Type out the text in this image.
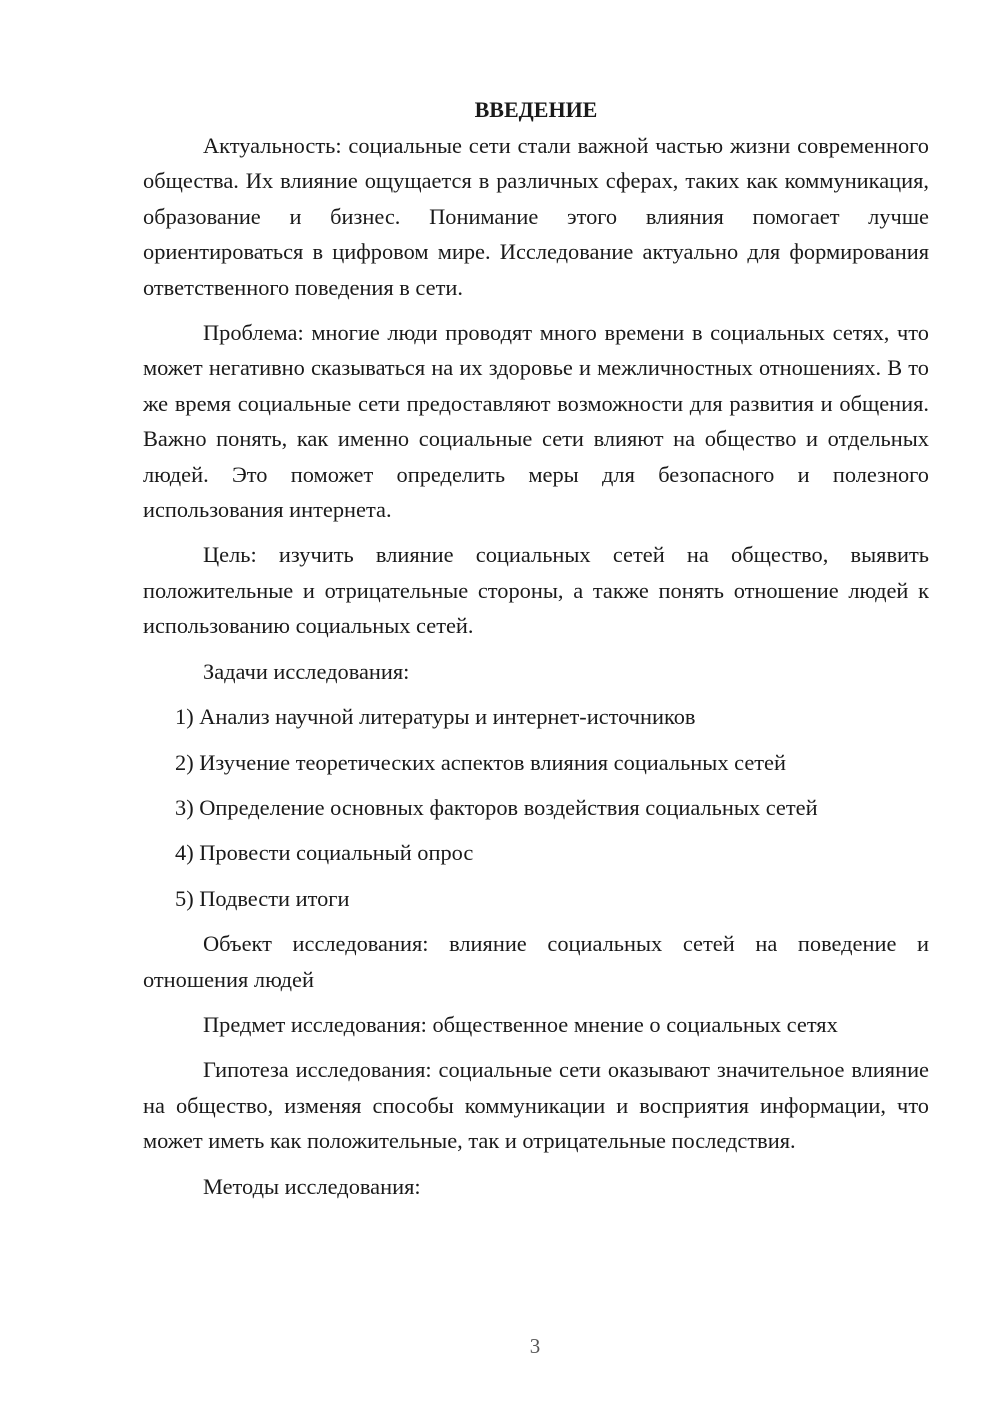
ВВЕДЕНИЕ

Актуальность: социальные сети стали важной частью жизни современного общества. Их влияние ощущается в различных сферах, таких как коммуникация, образование и бизнес. Понимание этого влияния помогает лучше ориентироваться в цифровом мире. Исследование актуально для формирования ответственного поведения в сети.

Проблема: многие люди проводят много времени в социальных сетях, что может негативно сказываться на их здоровье и межличностных отношениях. В то же время социальные сети предоставляют возможности для развития и общения. Важно понять, как именно социальные сети влияют на общество и отдельных людей. Это поможет определить меры для безопасного и полезного использования интернета.

Цель: изучить влияние социальных сетей на общество, выявить положительные и отрицательные стороны, а также понять отношение людей к использованию социальных сетей.

Задачи исследования:

1) Анализ научной литературы и интернет-источников
2) Изучение теоретических аспектов влияния социальных сетей
3) Определение основных факторов воздействия социальных сетей
4) Провести социальный опрос
5) Подвести итоги

Объект исследования: влияние социальных сетей на поведение и отношения людей

Предмет исследования: общественное мнение о социальных сетях

Гипотеза исследования: социальные сети оказывают значительное влияние на общество, изменяя способы коммуникации и восприятия информации, что может иметь как положительные, так и отрицательные последствия.

Методы исследования:

3
